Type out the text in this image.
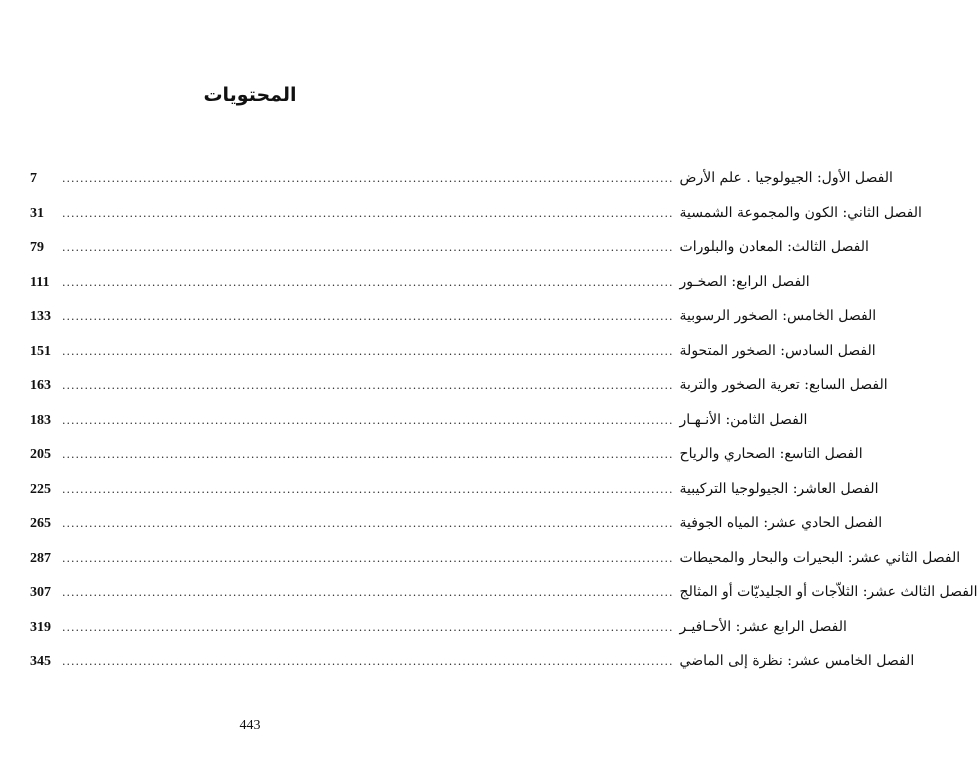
المحتويات
7	........................................................................................................................................ الفصل الأول: الجيولوجيا . علم الأرض
31	........................................................................................................................................ الفصل الثاني: الكون والمجموعة الشمسية
79	........................................................................................................................................ الفصل الثالث: المعادن والبلورات
111	........................................................................................................................................ الفصل الرابع: الصخـور
133	........................................................................................................................................ الفصل الخامس: الصخور الرسوبية
151	........................................................................................................................................ الفصل السادس: الصخور المتحولة
163	........................................................................................................................................ الفصل السابع: تعرية الصخور والتربة
183	........................................................................................................................................ الفصل الثامن: الأنـهـار
205	........................................................................................................................................ الفصل التاسع: الصحاري والرياح
225	........................................................................................................................................ الفصل العاشر: الجيولوجيا التركيبية
265	........................................................................................................................................ الفصل الحادي عشر: المياه الجوفية
287	........................................................................................................................................ الفصل الثاني عشر: البحيرات والبحار والمحيطات
307	........................................................................................................................................ الفصل الثالث عشر: الثلاّجات أو الجليديّات أو المثالج
319	........................................................................................................................................ الفصل الرابع عشر: الأحـافيـر
345	........................................................................................................................................ الفصل الخامس عشر: نظرة إلى الماضي
443
